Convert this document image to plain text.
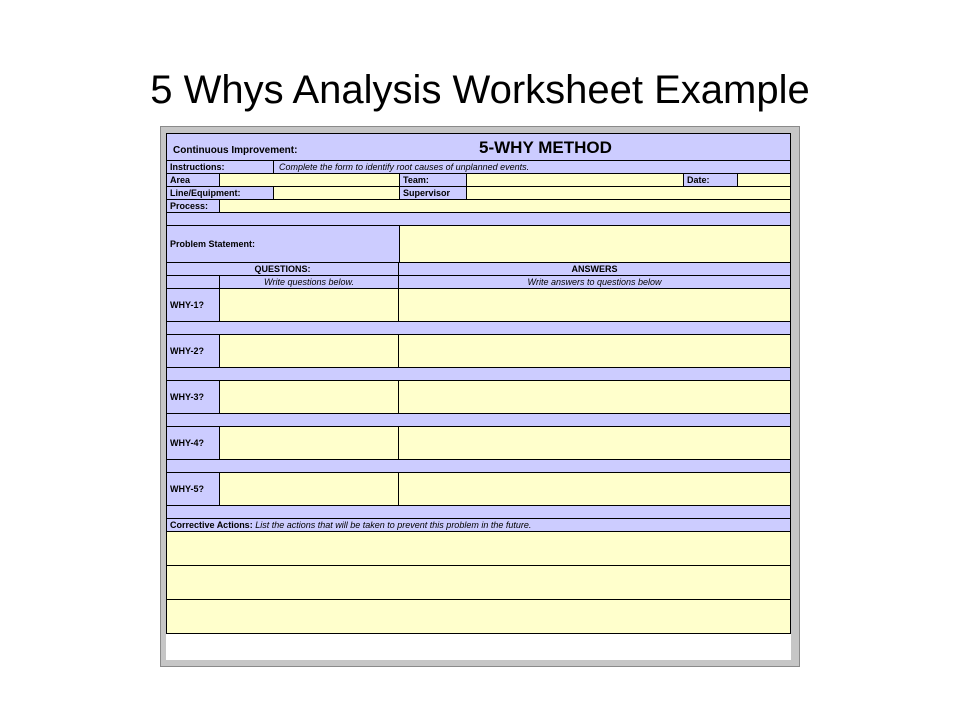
5 Whys Analysis Worksheet Example
Continuous Improvement: 5-WHY METHOD						

Instructions:		Complete the form to identify root causes of unplanned events.				
Area			Team:		Date:	
Line/Equipment:			Supervisor			
Process:						

Problem Statement:						
QUESTIONS:		ANSWERS
	Write questions below.	Write answers to questions below
WHY-1?		

WHY-2?		

WHY-3?		

WHY-4?		

WHY-5?		

Corrective Actions: List the actions that will be taken to prevent this problem in the future.		
